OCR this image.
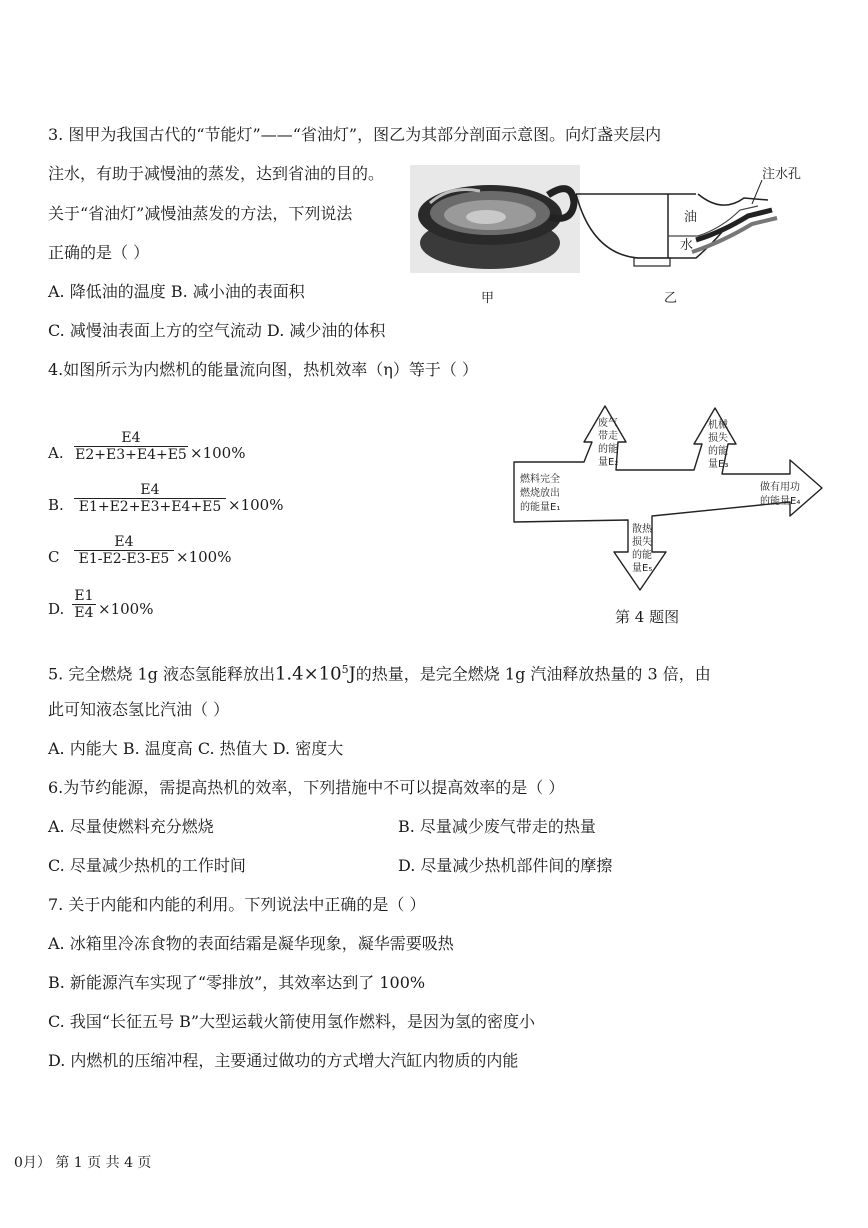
3. 图甲为我国古代的“节能灯”——“省油灯”，图乙为其部分剖面示意图。向灯盏夹层内
注水，有助于减慢油的蒸发，达到省油的目的。
关于“省油灯”减慢油蒸发的方法，下列说法
正确的是（ ）
A. 降低油的温度 B. 减小油的表面积
C. 减慢油表面上方的空气流动 D. 减少油的体积
甲
油
水
注水孔
乙
4.如图所示为内燃机的能量流向图，热机效率（η）等于（ ）
A.
E4
E2+E3+E4+E5 ×100%
B.
E4
E1+E2+E3+E4+E5 ×100%
C
E4
E1-E2-E3-E5 ×100%
D.
E1
E4 ×100%
燃料完全
燃烧放出
的能量E₁
废气
带走
的能
量E₂
机械
损失
的能
量E₃
做有用功
的能量E₄
散热
损失
的能
量E₅
第 4 题图
5. 完全燃烧 1g 液态氢能释放出$1.4\times 10^5J$的热量，是完全燃烧 1g 汽油释放热量的 3 倍，由
此可知液态氢比汽油（ ）
A. 内能大 B. 温度高 C. 热值大 D. 密度大
6.为节约能源，需提高热机的效率，下列措施中不可以提高效率的是（ ）
A. 尽量使燃料充分燃烧	B. 尽量减少废气带走的热量
C. 尽量减少热机的工作时间	D. 尽量减少热机部件间的摩擦
7. 关于内能和内能的利用。下列说法中正确的是（ ）
A. 冰箱里冷冻食物的表面结霜是凝华现象，凝华需要吸热
B. 新能源汽车实现了“零排放”，其效率达到了 100%
C. 我国“长征五号 B”大型运载火箭使用氢作燃料，是因为氢的密度小
D. 内燃机的压缩冲程，主要通过做功的方式增大汽缸内物质的内能
0月） 第 1 页 共 4 页
